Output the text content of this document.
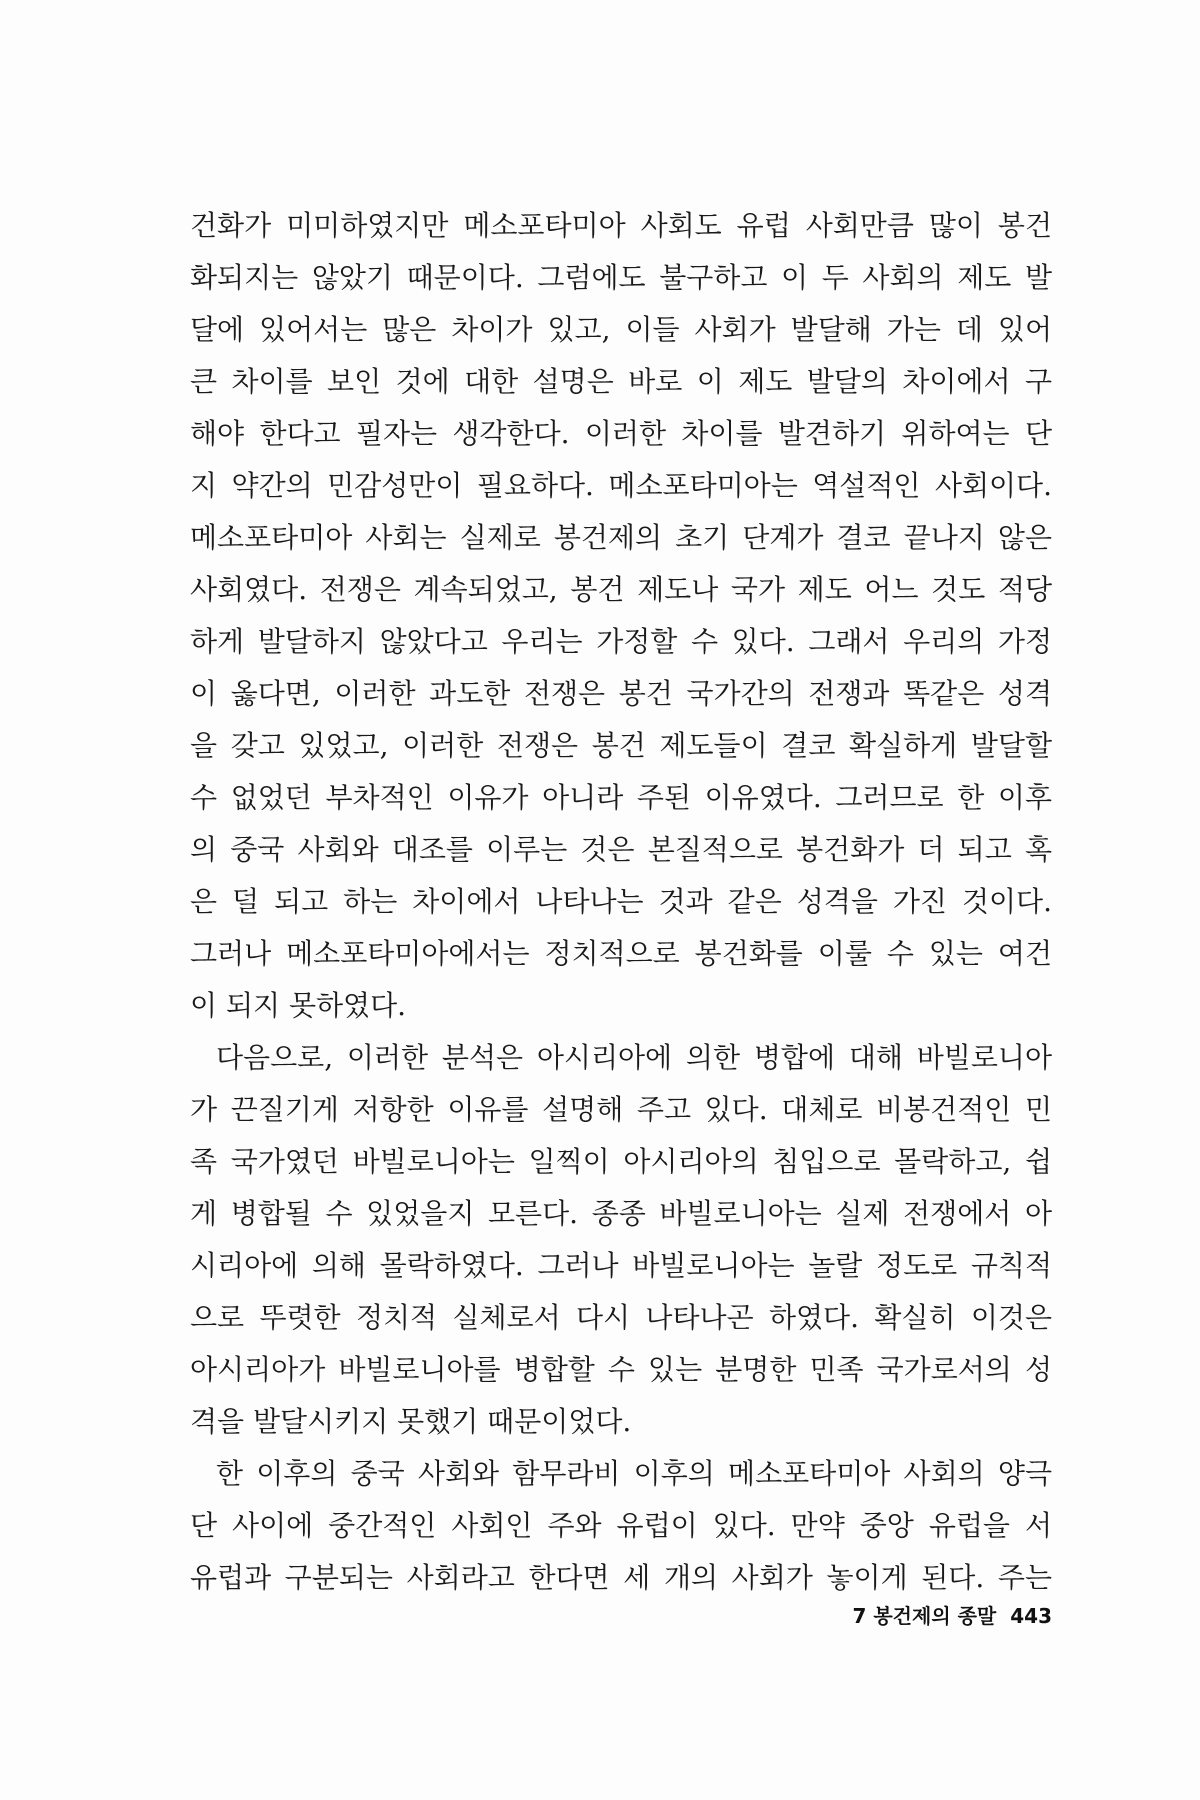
건화가 미미하였지만 메소포타미아 사회도 유럽 사회만큼 많이 봉건
화되지는 않았기 때문이다. 그럼에도 불구하고 이 두 사회의 제도 발
달에 있어서는 많은 차이가 있고, 이들 사회가 발달해 가는 데 있어
큰 차이를 보인 것에 대한 설명은 바로 이 제도 발달의 차이에서 구
해야 한다고 필자는 생각한다. 이러한 차이를 발견하기 위하여는 단
지 약간의 민감성만이 필요하다. 메소포타미아는 역설적인 사회이다.
메소포타미아 사회는 실제로 봉건제의 초기 단계가 결코 끝나지 않은
사회였다. 전쟁은 계속되었고, 봉건 제도나 국가 제도 어느 것도 적당
하게 발달하지 않았다고 우리는 가정할 수 있다. 그래서 우리의 가정
이 옳다면, 이러한 과도한 전쟁은 봉건 국가간의 전쟁과 똑같은 성격
을 갖고 있었고, 이러한 전쟁은 봉건 제도들이 결코 확실하게 발달할
수 없었던 부차적인 이유가 아니라 주된 이유였다. 그러므로 한 이후
의 중국 사회와 대조를 이루는 것은 본질적으로 봉건화가 더 되고 혹
은 덜 되고 하는 차이에서 나타나는 것과 같은 성격을 가진 것이다.
그러나 메소포타미아에서는 정치적으로 봉건화를 이룰 수 있는 여건
이 되지 못하였다.
다음으로, 이러한 분석은 아시리아에 의한 병합에 대해 바빌로니아
가 끈질기게 저항한 이유를 설명해 주고 있다. 대체로 비봉건적인 민
족 국가였던 바빌로니아는 일찍이 아시리아의 침입으로 몰락하고, 쉽
게 병합될 수 있었을지 모른다. 종종 바빌로니아는 실제 전쟁에서 아
시리아에 의해 몰락하였다. 그러나 바빌로니아는 놀랄 정도로 규칙적
으로 뚜렷한 정치적 실체로서 다시 나타나곤 하였다. 확실히 이것은
아시리아가 바빌로니아를 병합할 수 있는 분명한 민족 국가로서의 성
격을 발달시키지 못했기 때문이었다.
한 이후의 중국 사회와 함무라비 이후의 메소포타미아 사회의 양극
단 사이에 중간적인 사회인 주와 유럽이 있다. 만약 중앙 유럽을 서
유럽과 구분되는 사회라고 한다면 세 개의 사회가 놓이게 된다. 주는
7 봉건제의 종말 443
